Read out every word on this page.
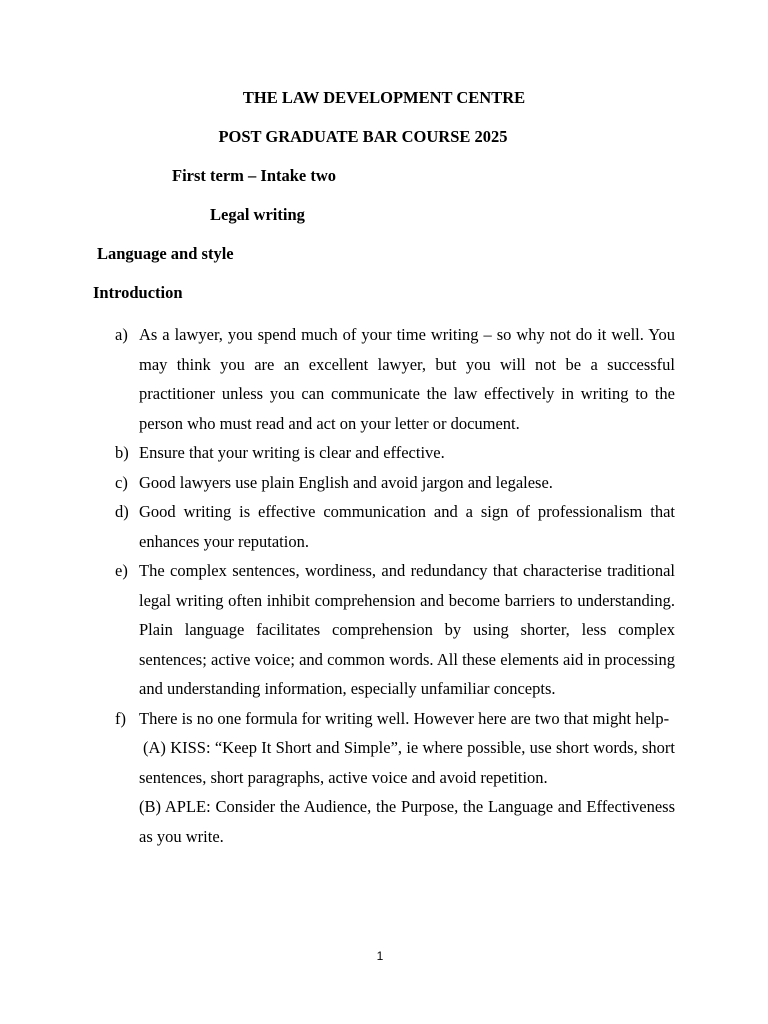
THE LAW DEVELOPMENT CENTRE

POST GRADUATE BAR COURSE 2025

First term – Intake two

Legal writing

Language and style

Introduction

a) As a lawyer, you spend much of your time writing – so why not do it well. You may think you are an excellent lawyer, but you will not be a successful practitioner unless you can communicate the law effectively in writing to the person who must read and act on your letter or document.
b) Ensure that your writing is clear and effective.
c) Good lawyers use plain English and avoid jargon and legalese.
d) Good writing is effective communication and a sign of professionalism that enhances your reputation.
e) The complex sentences, wordiness, and redundancy that characterise traditional legal writing often inhibit comprehension and become barriers to understanding. Plain language facilitates comprehension by using shorter, less complex sentences; active voice; and common words. All these elements aid in processing and understanding information, especially unfamiliar concepts.
f) There is no one formula for writing well. However here are two that might help-
(A) KISS: “Keep It Short and Simple”, ie where possible, use short words, short sentences, short paragraphs, active voice and avoid repetition.
(B) APLE: Consider the Audience, the Purpose, the Language and Effectiveness as you write.
1
